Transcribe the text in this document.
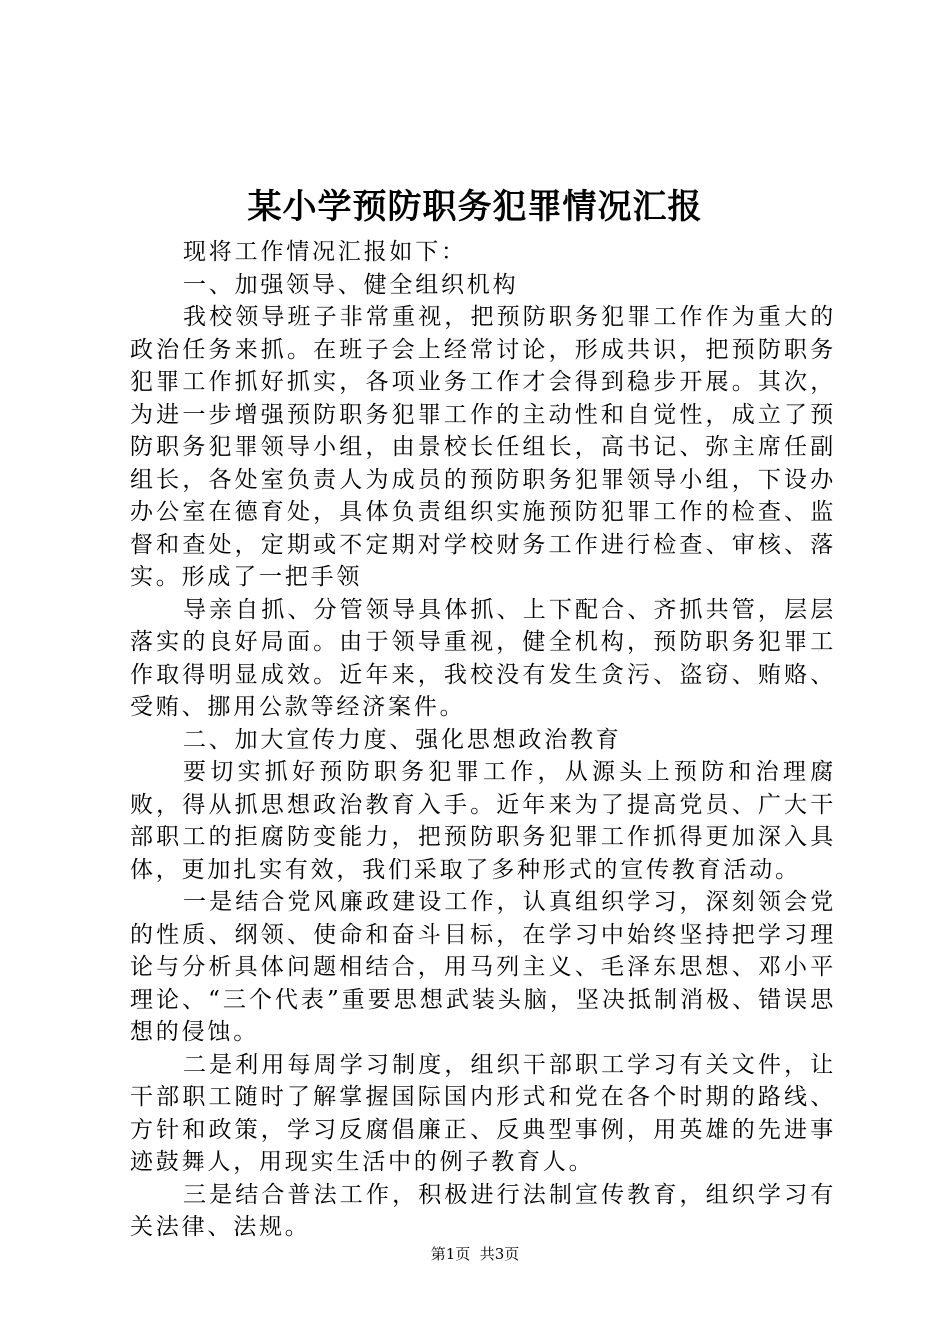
某小学预防职务犯罪情况汇报

现将工作情况汇报如下：

一、加强领导、健全组织机构

我校领导班子非常重视，把预防职务犯罪工作作为重大的政治任务来抓。在班子会上经常讨论，形成共识，把预防职务犯罪工作抓好抓实，各项业务工作才会得到稳步开展。其次，为进一步增强预防职务犯罪工作的主动性和自觉性，成立了预防职务犯罪领导小组，由景校长任组长，高书记、弥主席任副组长，各处室负责人为成员的预防职务犯罪领导小组，下设办办公室在德育处，具体负责组织实施预防犯罪工作的检查、监督和查处，定期或不定期对学校财务工作进行检查、审核、落实。形成了一把手领

导亲自抓、分管领导具体抓、上下配合、齐抓共管，层层落实的良好局面。由于领导重视，健全机构，预防职务犯罪工作取得明显成效。近年来，我校没有发生贪污、盗窃、贿赂、受贿、挪用公款等经济案件。

二、加大宣传力度、强化思想政治教育

要切实抓好预防职务犯罪工作，从源头上预防和治理腐败，得从抓思想政治教育入手。近年来为了提高党员、广大干部职工的拒腐防变能力，把预防职务犯罪工作抓得更加深入具体，更加扎实有效，我们采取了多种形式的宣传教育活动。

一是结合党风廉政建设工作，认真组织学习，深刻领会党的性质、纲领、使命和奋斗目标，在学习中始终坚持把学习理论与分析具体问题相结合，用马列主义、毛泽东思想、邓小平理论、“三个代表”重要思想武装头脑，坚决抵制消极、错误思想的侵蚀。

二是利用每周学习制度，组织干部职工学习有关文件，让干部职工随时了解掌握国际国内形式和党在各个时期的路线、方针和政策，学习反腐倡廉正、反典型事例，用英雄的先进事迹鼓舞人，用现实生活中的例子教育人。

三是结合普法工作，积极进行法制宣传教育，组织学习有关法律、法规。

第1页  共3页
